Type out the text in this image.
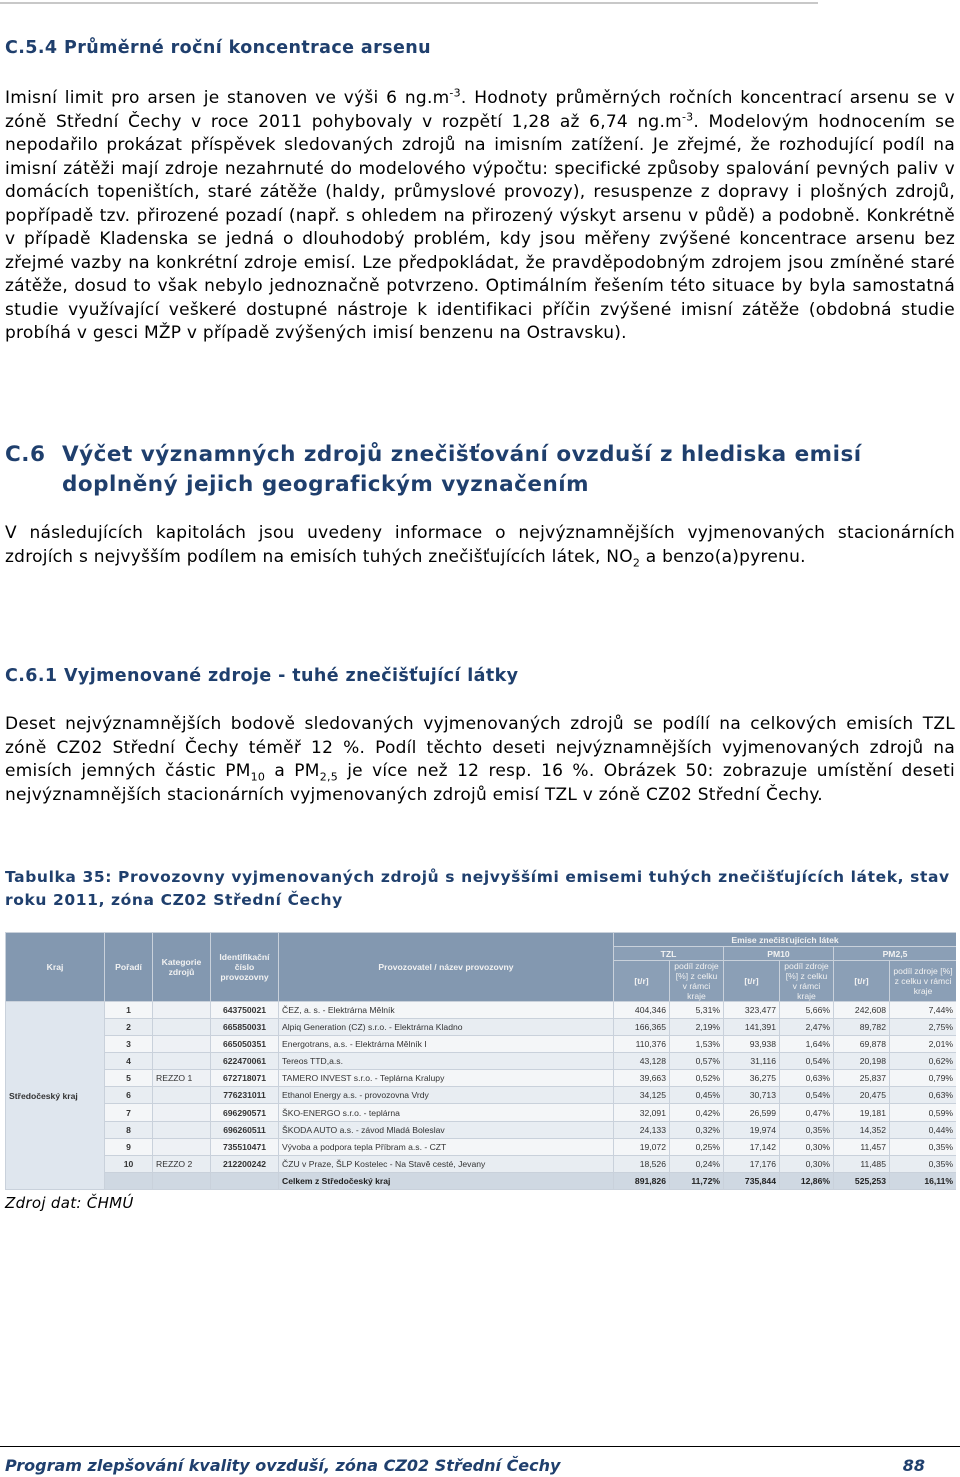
C.5.4 Průměrné roční koncentrace arsenu

Imisní limit pro arsen je stanoven ve výši 6 $ng.m^{-3}$. Hodnoty průměrných ročních koncentrací arsenu se v zóně Střední Čechy v roce 2011 pohybovaly v rozpětí 1,28 až 6,74 $ng.m^{-3}$. Modelovým hodnocením se nepodařilo prokázat příspěvek sledovaných zdrojů na imisním zatížení. Je zřejmé, že rozhodující podíl na imisní zátěži mají zdroje nezahrnuté do modelového výpočtu: specifické způsoby spalování pevných paliv v domácích topeništích, staré zátěže (haldy, průmyslové provozy), resuspenze z dopravy i plošných zdrojů, popřípadě tzv. přirozené pozadí (např. s ohledem na přirozený výskyt arsenu v půdě) a podobně. Konkrétně v případě Kladenska se jedná o dlouhodobý problém, kdy jsou měřeny zvýšené koncentrace arsenu bez zřejmé vazby na konkrétní zdroje emisí. Lze předpokládat, že pravděpodobným zdrojem jsou zmíněné staré zátěže, dosud to však nebylo jednoznačně potvrzeno. Optimálním řešením této situace by byla samostatná studie využívající veškeré dostupné nástroje k identifikaci příčin zvýšené imisní zátěže (obdobná studie probíhá v gesci MŽP v případě zvýšených imisí benzenu na Ostravsku).

C.6 Výčet významných zdrojů znečišťování ovzduší z hlediska emisí
doplněný jejich geografickým vyznačením

V následujících kapitolách jsou uvedeny informace o nejvýznamnějších vyjmenovaných stacionárních zdrojích s nejvyšším podílem na emisích tuhých znečišťujících látek, $NO_2$ a benzo(a)pyrenu.

C.6.1 Vyjmenované zdroje - tuhé znečišťující látky

Deset nejvýznamnějších bodově sledovaných vyjmenovaných zdrojů se podílí na celkových emisích TZL zóně CZ02 Střední Čechy téměř 12 %. Podíl těchto deseti nejvýznamnějších vyjmenovaných zdrojů na emisích jemných částic $PM_{10}$ a $PM_{2,5}$ je více než 12 resp. 16 %. Obrázek 50: zobrazuje umístění deseti nejvýznamnějších stacionárních vyjmenovaných zdrojů emisí TZL v zóně CZ02 Střední Čechy.

Tabulka 35: Provozovny vyjmenovaných zdrojů s nejvyššími emisemi tuhých znečišťujících látek, stav roku 2011, zóna CZ02 Střední Čechy

Kraj	Pořadí	Kategorie zdrojů	Identifikační číslo provozovny	Provozovatel / název provozovny	Emise znečišťujících látek					
					TZL		PM10		PM2,5	
					[t/r]	podíl zdroje [%] z celku v rámci kraje	[t/r]	podíl zdroje [%] z celku v rámci kraje	[t/r]	podíl zdroje [%] z celku v rámci kraje
Středočeský kraj	1		643750021	ČEZ, a. s. - Elektrárna Mělník	404,346	5,31%	323,477	5,66%	242,608	7,44%
	2		665850031	Alpiq Generation (CZ) s.r.o. - Elektrárna Kladno	166,365	2,19%	141,391	2,47%	89,782	2,75%
	3		665050351	Energotrans, a.s. - Elektrárna Mělník I	110,376	1,53%	93,938	1,64%	69,878	2,01%
	4		622470061	Tereos TTD,a.s.	43,128	0,57%	31,116	0,54%	20,198	0,62%
	5	REZZO 1	672718071	TAMERO INVEST s.r.o. - Teplárna Kralupy	39,663	0,52%	36,275	0,63%	25,837	0,79%
	6		776231011	Ethanol Energy a.s. - provozovna Vrdy	34,125	0,45%	30,713	0,54%	20,475	0,63%
	7		696290571	ŠKO-ENERGO s.r.o. - teplárna	32,091	0,42%	26,599	0,47%	19,181	0,59%
	8		696260511	ŠKODA AUTO a.s. - závod Mladá Boleslav	24,133	0,32%	19,974	0,35%	14,352	0,44%
	9		735510471	Vývoba a podpora tepla Příbram a.s. - CZT	19,072	0,25%	17,142	0,30%	11,457	0,35%
	10	REZZO 2	212200242	ČZU v Praze, ŠLP Kostelec - Na Stavě cesté, Jevany	18,526	0,24%	17,176	0,30%	11,485	0,35%
				Celkem z Středočeský kraj	891,826	11,72%	735,844	12,86%	525,253	16,11%

Zdroj dat: ČHMÚ

Program zlepšování kvality ovzduší, zóna CZ02 Střední Čechy	88
